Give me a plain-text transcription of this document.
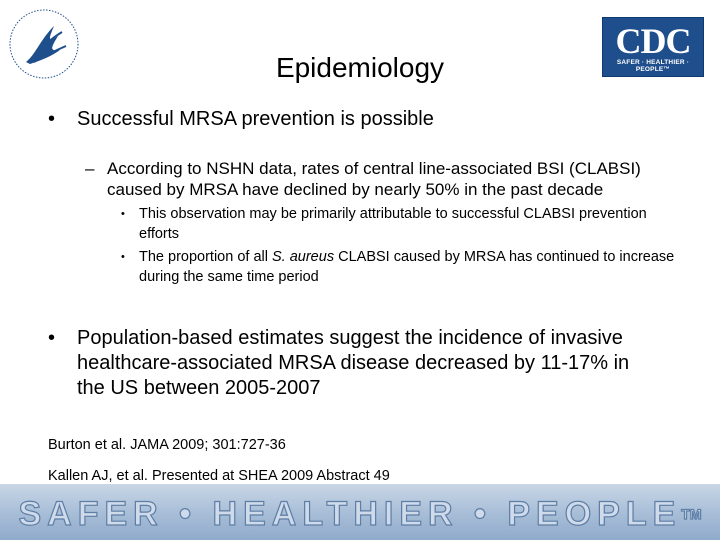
CDC
SAFER · HEALTHIER · PEOPLE™
Epidemiology
• Successful MRSA prevention is possible
– According to NSHN data, rates of central line-associated BSI (CLABSI) caused by MRSA have declined by nearly 50% in the past decade
• This observation may be primarily attributable to successful CLABSI prevention efforts
• The proportion of all S. aureus CLABSI caused by MRSA has continued to increase during the same time period
• Population-based estimates suggest the incidence of invasive healthcare-associated MRSA disease decreased by 11-17% in the US between 2005-2007
Burton et al. JAMA 2009; 301:727-36
Kallen AJ, et al. Presented at SHEA 2009 Abstract 49
SAFER • HEALTHIER • PEOPLE™
